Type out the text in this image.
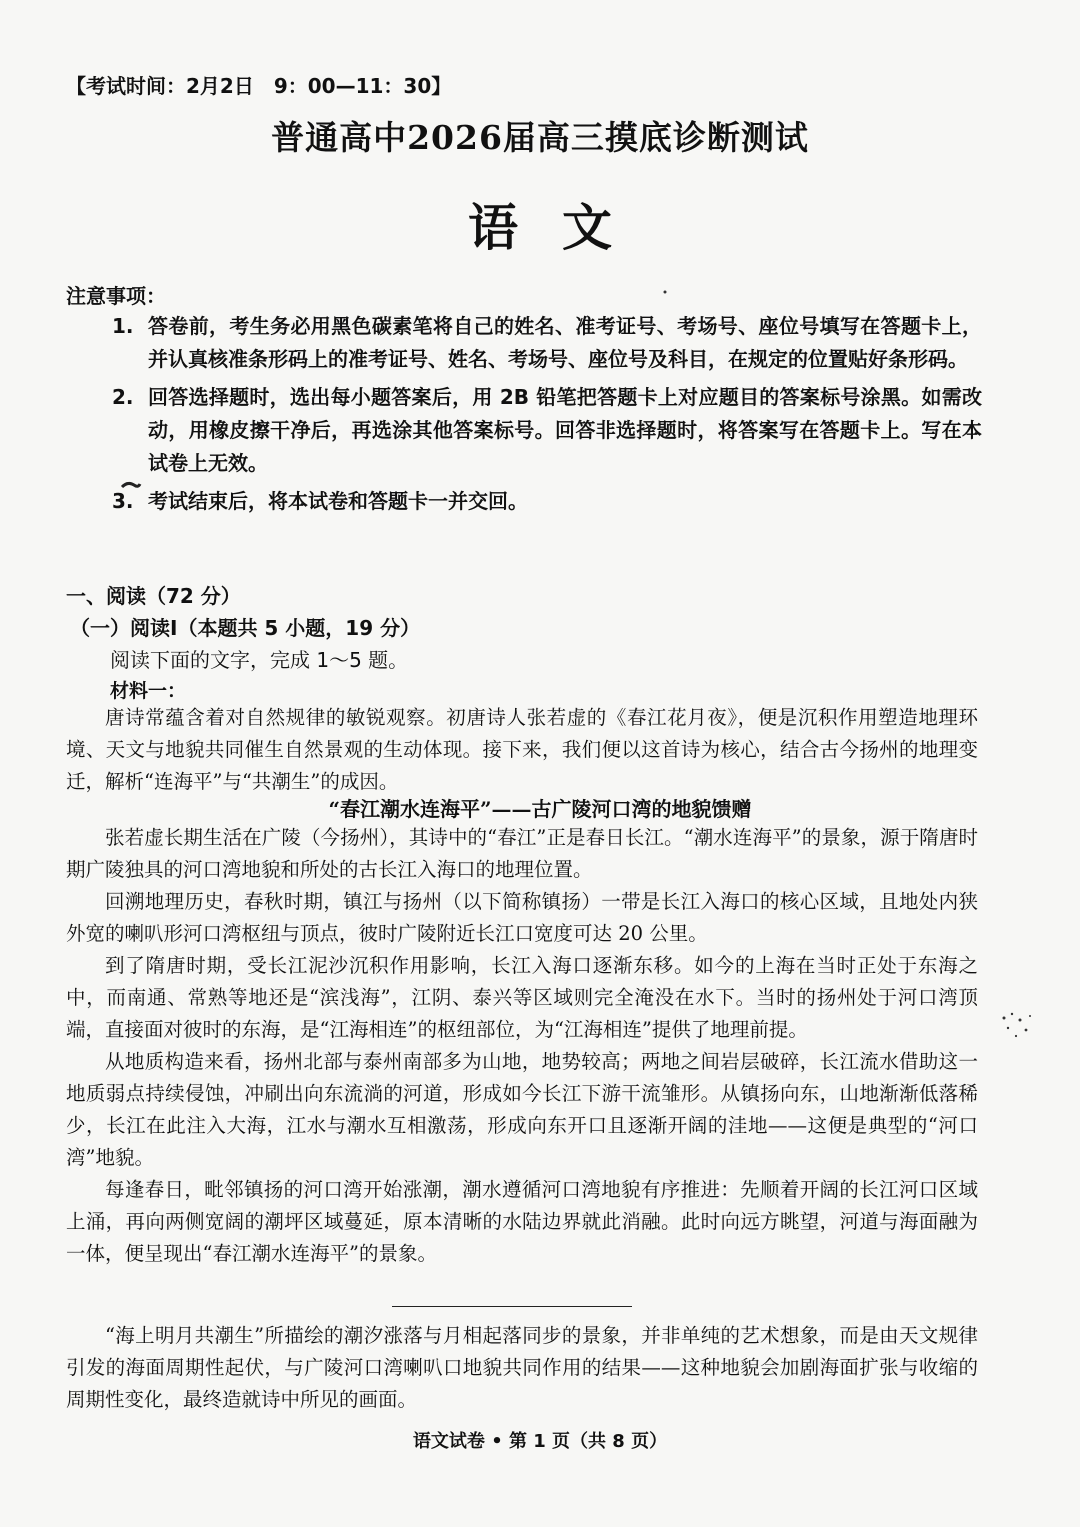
【考试时间：2月2日　9：00—11：30】
普通高中2026届高三摸底诊断测试
语文
注意事项：
1. 答卷前，考生务必用黑色碳素笔将自己的姓名、准考证号、考场号、座位号填写在答题卡上，并认真核准条形码上的准考证号、姓名、考场号、座位号及科目，在规定的位置贴好条形码。
2. 回答选择题时，选出每小题答案后，用 2B 铅笔把答题卡上对应题目的答案标号涂黑。如需改动，用橡皮擦干净后，再选涂其他答案标号。回答非选择题时，将答案写在答题卡上。写在本试卷上无效。
3. 考试结束后，将本试卷和答题卡一并交回。
一、阅读（72 分）
（一）阅读Ⅰ（本题共 5 小题，19 分）
阅读下面的文字，完成 1～5 题。
材料一：

唐诗常蕴含着对自然规律的敏锐观察。初唐诗人张若虚的《春江花月夜》，便是沉积作用塑造地理环境、天文与地貌共同催生自然景观的生动体现。接下来，我们便以这首诗为核心，结合古今扬州的地理变迁，解析“连海平”与“共潮生”的成因。

“春江潮水连海平”——古广陵河口湾的地貌馈赠

张若虚长期生活在广陵（今扬州），其诗中的“春江”正是春日长江。“潮水连海平”的景象，源于隋唐时期广陵独具的河口湾地貌和所处的古长江入海口的地理位置。

回溯地理历史，春秋时期，镇江与扬州（以下简称镇扬）一带是长江入海口的核心区域，且地处内狭外宽的喇叭形河口湾枢纽与顶点，彼时广陵附近长江口宽度可达 20 公里。

到了隋唐时期，受长江泥沙沉积作用影响，长江入海口逐渐东移。如今的上海在当时正处于东海之中，而南通、常熟等地还是“滨浅海”，江阴、泰兴等区域则完全淹没在水下。当时的扬州处于河口湾顶端，直接面对彼时的东海，是“江海相连”的枢纽部位，为“江海相连”提供了地理前提。

从地质构造来看，扬州北部与泰州南部多为山地，地势较高；两地之间岩层破碎，长江流水借助这一地质弱点持续侵蚀，冲刷出向东流淌的河道，形成如今长江下游干流雏形。从镇扬向东，山地渐渐低落稀少，长江在此注入大海，江水与潮水互相激荡，形成向东开口且逐渐开阔的洼地——这便是典型的“河口湾”地貌。

每逢春日，毗邻镇扬的河口湾开始涨潮，潮水遵循河口湾地貌有序推进：先顺着开阔的长江河口区域上涌，再向两侧宽阔的潮坪区域蔓延，原本清晰的水陆边界就此消融。此时向远方眺望，河道与海面融为一体，便呈现出“春江潮水连海平”的景象。

“海上明月共潮生”所描绘的潮汐涨落与月相起落同步的景象，并非单纯的艺术想象，而是由天文规律引发的海面周期性起伏，与广陵河口湾喇叭口地貌共同作用的结果——这种地貌会加剧海面扩张与收缩的周期性变化，最终造就诗中所见的画面。

语文试卷 • 第 1 页（共 8 页）
